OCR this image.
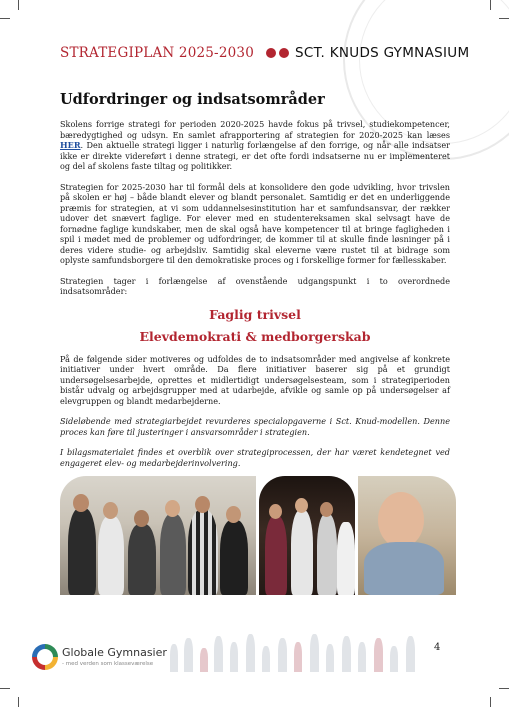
STRATEGIPLAN 2025-2030	SCT. KNUDS GYMNASIUM
Udfordringer og indsatsområder

Skolens forrige strategi for perioden 2020-2025 havde fokus på trivsel, studiekompetencer, bæredygtighed og udsyn. En samlet afrapportering af strategien for 2020-2025 kan læses HER. Den aktuelle strategi ligger i naturlig forlængelse af den forrige, og når alle indsatser ikke er direkte videreført i denne strategi, er det ofte fordi indsatserne nu er implementeret og del af skolens faste tiltag og politikker.

Strategien for 2025-2030 har til formål dels at konsolidere den gode udvikling, hvor trivslen på skolen er høj – både blandt elever og blandt personalet. Samtidig er det en underliggende præmis for strategien, at vi som uddannelsesinstitution har et samfundsansvar, der rækker udover det snævert faglige. For elever med en studentereksamen skal selvsagt have de fornødne faglige kundskaber, men de skal også have kompetencer til at bringe fagligheden i spil i mødet med de problemer og udfordringer, de kommer til at skulle finde løsninger på i deres videre studie- og arbejdsliv. Samtidig skal eleverne være rustet til at bidrage som oplyste samfundsborgere til den demokratiske proces og i forskellige former for fællesskaber.

Strategien tager i forlængelse af ovenstående udgangspunkt i to overordnede indsatsområder:

Faglig trivsel
Elevdemokrati & medborgerskab

På de følgende sider motiveres og udfoldes de to indsatsområder med angivelse af konkrete initiativer under hvert område. Da flere initiativer baserer sig på et grundigt undersøgelsesarbejde, oprettes et midlertidigt undersøgelsesteam, som i strategiperioden bistår udvalg og arbejdsgrupper med at udarbejde, afvikle og samle op på undersøgelser af elevgruppen og blandt medarbejderne.

Sideløbende med strategiarbejdet revurderes specialopgaverne i Sct. Knud-modellen. Denne proces kan føre til justeringer i ansvarsområder i strategien.

I bilagsmaterialet findes et overblik over strategiprocessen, der har været kendetegnet ved engageret elev- og medarbejderinvolvering.

Globale Gymnasier
- med verden som klasseværelse
4
